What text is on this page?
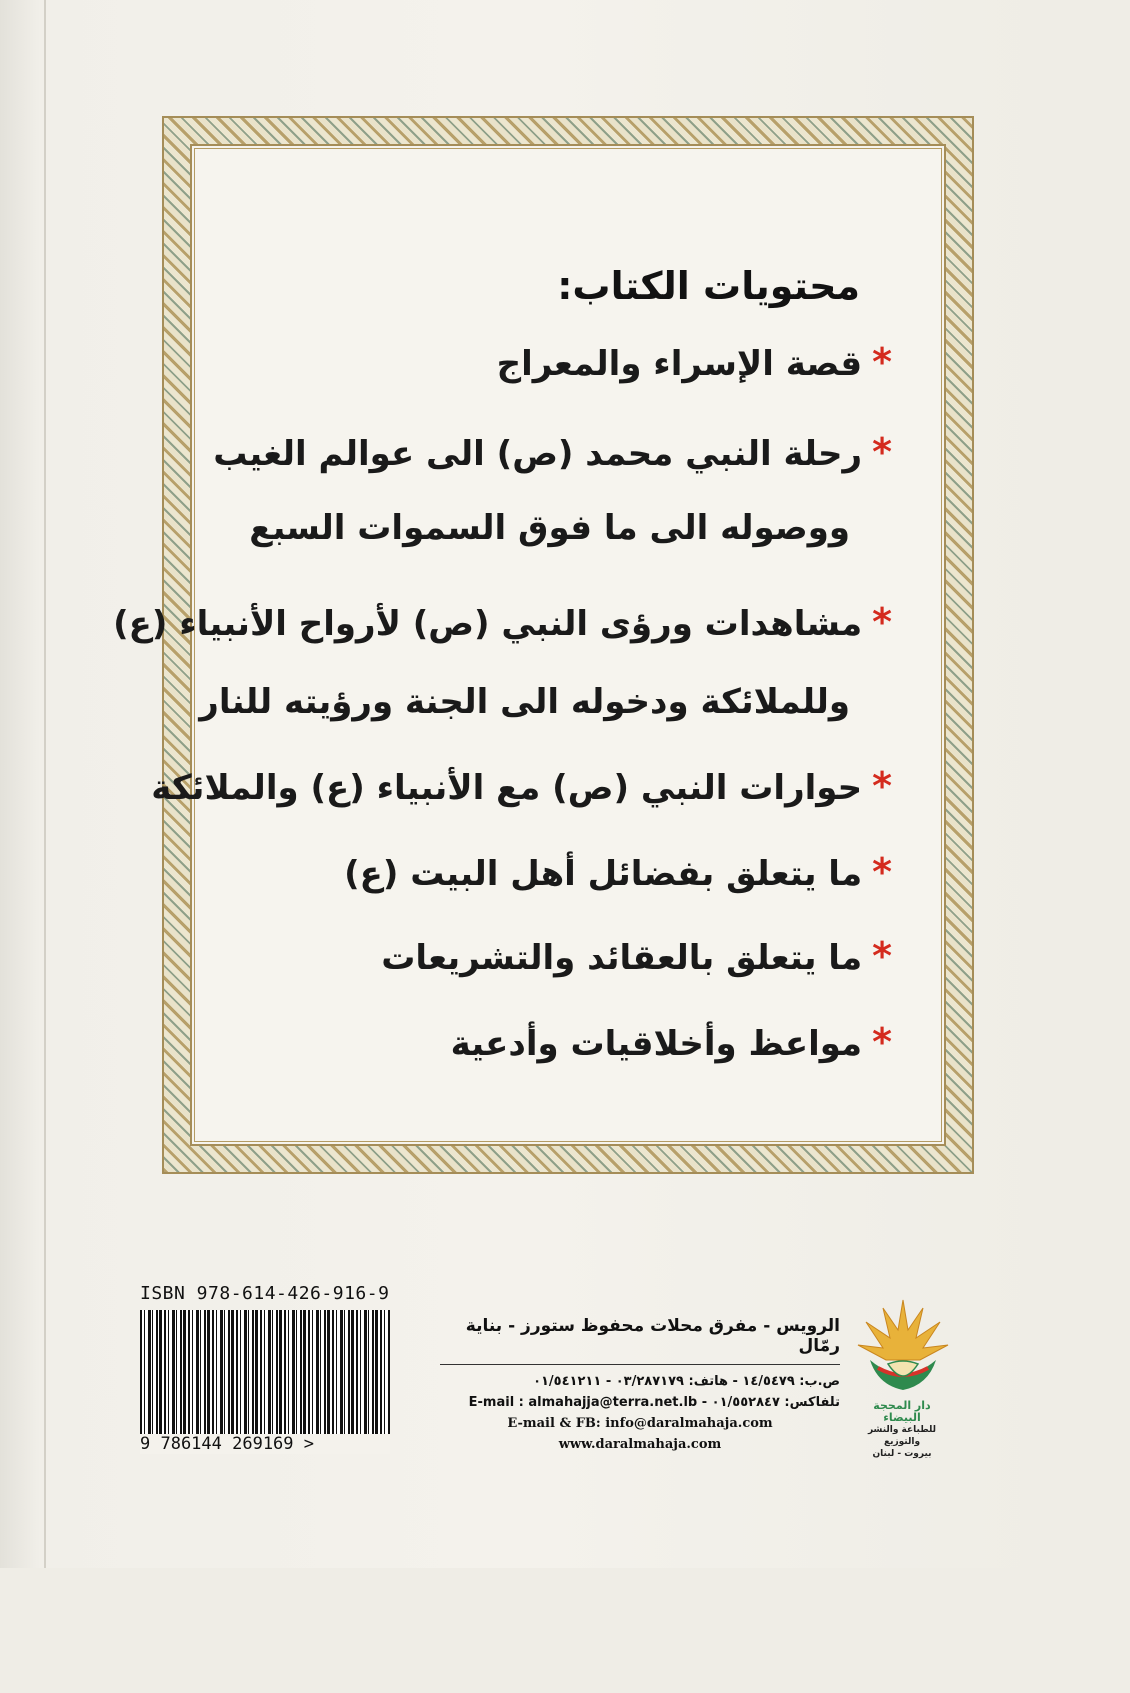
محتويات الكتاب:
*قصة الإسراء والمعراج
*رحلة النبي محمد (ص) الى عوالم الغيب
ووصوله الى ما فوق السموات السبع
*مشاهدات ورؤى النبي (ص) لأرواح الأنبياء (ع)
وللملائكة ودخوله الى الجنة ورؤيته للنار
*حوارات النبي (ص) مع الأنبياء (ع) والملائكة
*ما يتعلق بفضائل أهل البيت (ع)
*ما يتعلق بالعقائد والتشريعات
*مواعظ وأخلاقيات وأدعية
ISBN 978-614-426-916-9
9 786144 269169 >
الرويس - مفرق محلات محفوظ ستورز - بناية رمّال
ص.ب: ١٤/٥٤٧٩ - هاتف: ٠٣/٢٨٧١٧٩ - ٠١/٥٤١٢١١
تلفاكس: ٠١/٥٥٢٨٤٧ - E-mail : almahajja@terra.net.lb
E-mail & FB: info@daralmahaja.com
www.daralmahaja.com
دار المحجة البيضاء
للطباعة والنشر والتوزيع
بيروت - لبنان
